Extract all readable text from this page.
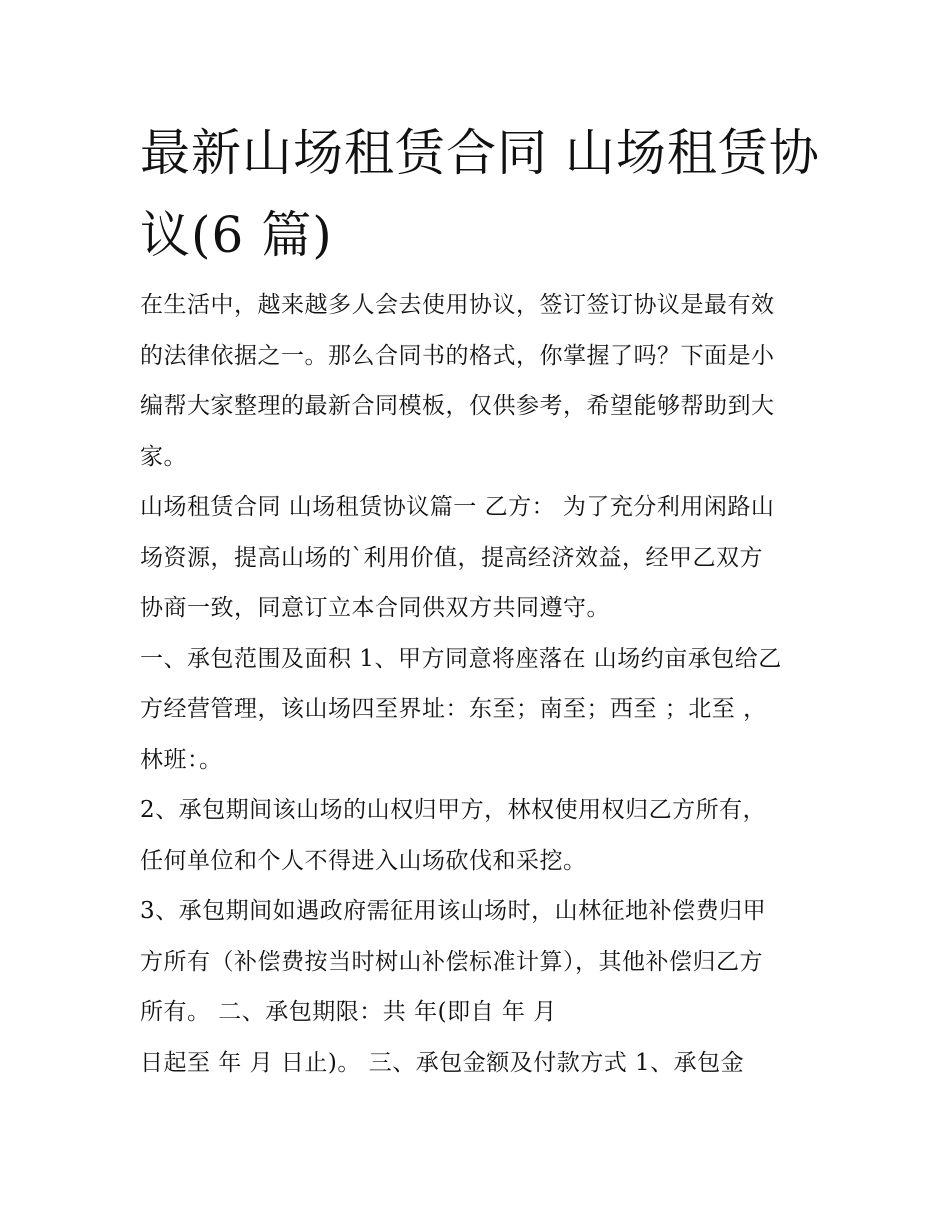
最新山场租赁合同 山场租赁协
议(6 篇)
在生活中，越来越多人会去使用协议，签订签订协议是最有效
的法律依据之一。那么合同书的格式，你掌握了吗？下面是小
编帮大家整理的最新合同模板，仅供参考，希望能够帮助到大
家。
山场租赁合同 山场租赁协议篇一 乙方： 为了充分利用闲路山
场资源，提高山场的`利用价值，提高经济效益，经甲乙双方
协商一致，同意订立本合同供双方共同遵守。
一、承包范围及面积 1、甲方同意将座落在 山场约亩承包给乙
方经营管理，该山场四至界址：东至；南至；西至 ；北至 ，
林班：。
2、承包期间该山场的山权归甲方，林权使用权归乙方所有，
任何单位和个人不得进入山场砍伐和采挖。
3、承包期间如遇政府需征用该山场时，山林征地补偿费归甲
方所有（补偿费按当时树山补偿标准计算），其他补偿归乙方
所有。 二、承包期限：共 年(即自 年 月
日起至 年 月 日止)。 三、承包金额及付款方式 1、承包金
